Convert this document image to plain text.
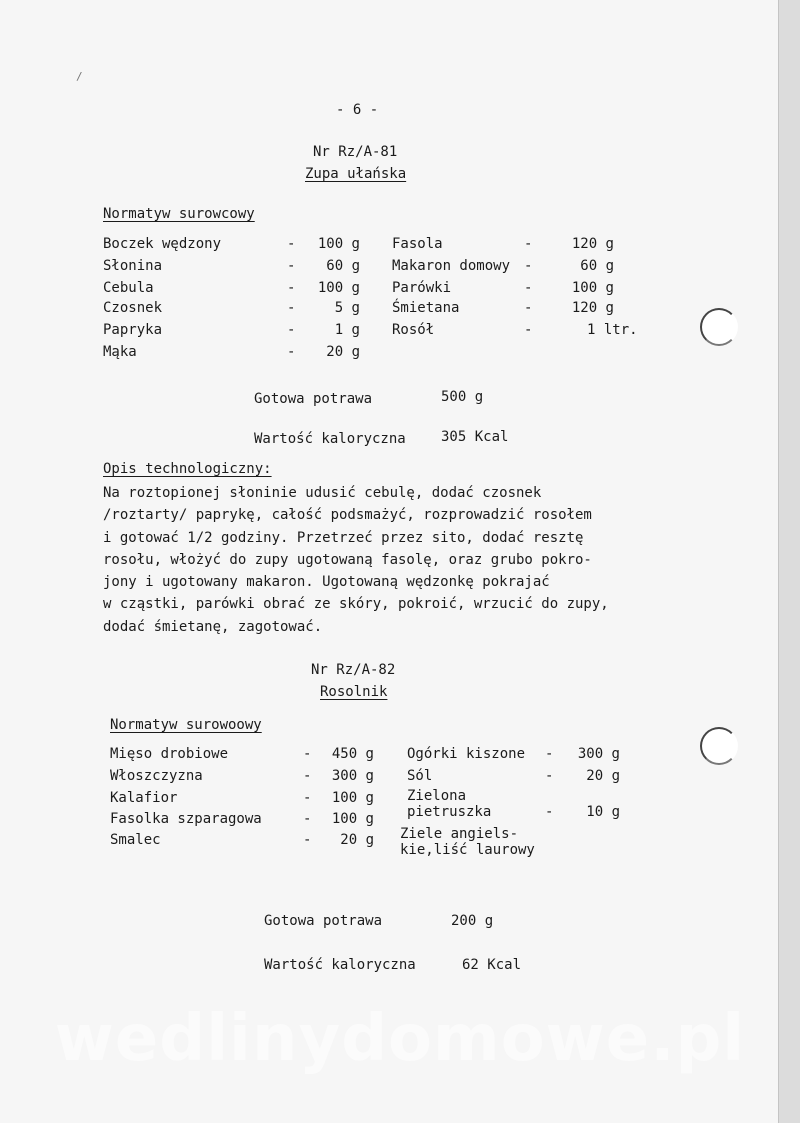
/
- 6 -
Nr Rz/A-81
Zupa ułańska
Normatyw surowcowy
Boczek wędzony	-	100 g
Słonina	-	60 g
Cebula	-	100 g
Czosnek	-	5 g
Papryka	-	1 g
Mąka	-	20 g
Fasola	-	120 g
Makaron domowy -	60 g
Parówki	-	100 g
Śmietana	-	120 g
Rosół	-	1 ltr.
Gotowa potrawa	500 g
Wartość kaloryczna	305 Kcal
Opis technologiczny:
Na roztopionej słoninie udusić cebulę, dodać czosnek
/roztarty/ paprykę, całość podsmażyć, rozprowadzić rosołem
i gotować 1/2 godziny. Przetrzeć przez sito, dodać resztę
rosołu, włożyć do zupy ugotowaną fasolę, oraz grubo pokro-
jony i ugotowany makaron. Ugotowaną wędzonkę pokrajać
w cząstki, parówki obrać ze skóry, pokroić, wrzucić do zupy,
dodać śmietanę, zagotować.
Nr Rz/A-82
Rosolnik
Normatyw surowoowy
Mięso drobiowe	-	450 g
Włoszczyzna	-	300 g
Kalafior	-	100 g
Fasolka szparagowa	-	100 g
Smalec	-	20 g
Ogórki kiszone -	300 g
Sól	-	20 g
Zielona
pietruszka	-	10 g
Ziele angiels-
kie,liść laurowy
Gotowa potrawa	200 g
Wartość kaloryczna	62 Kcal
wedlinydomowe.pl
